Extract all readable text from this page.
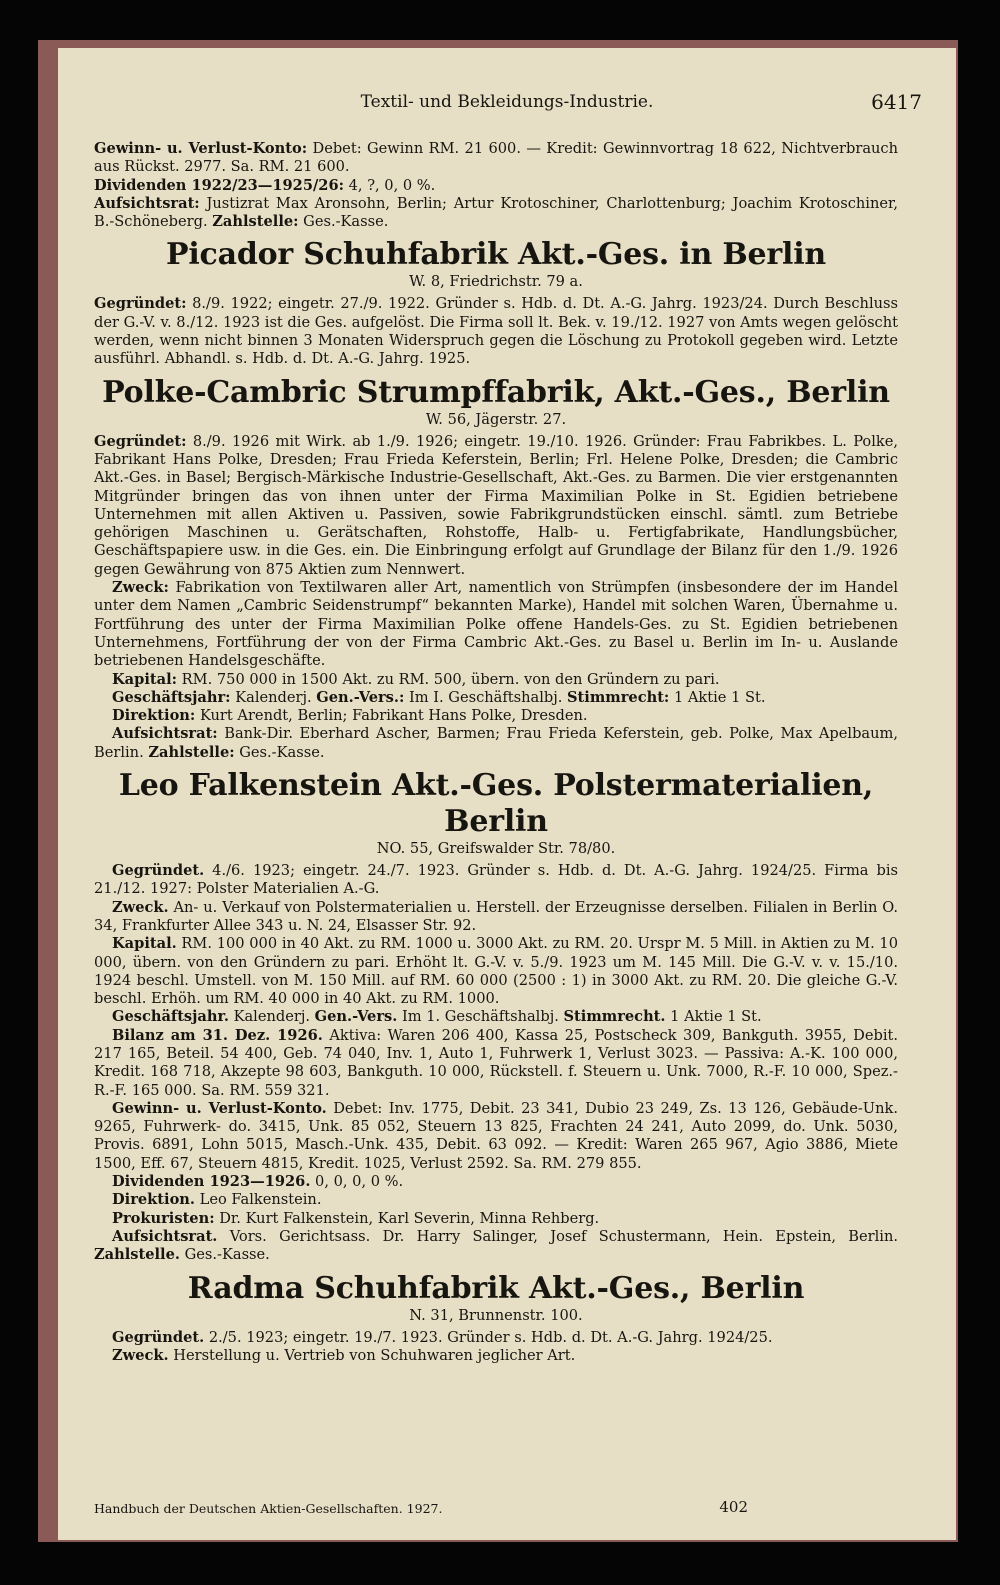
Textil- und Bekleidungs-Industrie.	6417

Gewinn- u. Verlust-Konto: Debet: Gewinn RM. 21 600. — Kredit: Gewinnvortrag 18 622, Nichtverbrauch aus Rückst. 2977. Sa. RM. 21 600.

Dividenden 1922/23—1925/26: 4, ?, 0, 0 %.

Aufsichtsrat: Justizrat Max Aronsohn, Berlin; Artur Krotoschiner, Charlottenburg; Joachim Krotoschiner, B.-Schöneberg. Zahlstelle: Ges.-Kasse.

Picador Schuhfabrik Akt.-Ges. in Berlin
W. 8, Friedrichstr. 79 a.

Gegründet: 8./9. 1922; eingetr. 27./9. 1922. Gründer s. Hdb. d. Dt. A.-G. Jahrg. 1923/24. Durch Beschluss der G.-V. v. 8./12. 1923 ist die Ges. aufgelöst. Die Firma soll lt. Bek. v. 19./12. 1927 von Amts wegen gelöscht werden, wenn nicht binnen 3 Monaten Widerspruch gegen die Löschung zu Protokoll gegeben wird. Letzte ausführl. Abhandl. s. Hdb. d. Dt. A.-G. Jahrg. 1925.

Polke-Cambric Strumpffabrik, Akt.-Ges., Berlin
W. 56, Jägerstr. 27.

Gegründet: 8./9. 1926 mit Wirk. ab 1./9. 1926; eingetr. 19./10. 1926. Gründer: Frau Fabrikbes. L. Polke, Fabrikant Hans Polke, Dresden; Frau Frieda Keferstein, Berlin; Frl. Helene Polke, Dresden; die Cambric Akt.-Ges. in Basel; Bergisch-Märkische Industrie-Gesellschaft, Akt.-Ges. zu Barmen. Die vier erstgenannten Mitgründer bringen das von ihnen unter der Firma Maximilian Polke in St. Egidien betriebene Unternehmen mit allen Aktiven u. Passiven, sowie Fabrikgrundstücken einschl. sämtl. zum Betriebe gehörigen Maschinen u. Gerätschaften, Rohstoffe, Halb- u. Fertigfabrikate, Handlungsbücher, Geschäftspapiere usw. in die Ges. ein. Die Einbringung erfolgt auf Grundlage der Bilanz für den 1./9. 1926 gegen Gewährung von 875 Aktien zum Nennwert.

Zweck: Fabrikation von Textilwaren aller Art, namentlich von Strümpfen (insbesondere der im Handel unter dem Namen „Cambric Seidenstrumpf“ bekannten Marke), Handel mit solchen Waren, Übernahme u. Fortführung des unter der Firma Maximilian Polke offene Handels-Ges. zu St. Egidien betriebenen Unternehmens, Fortführung der von der Firma Cambric Akt.-Ges. zu Basel u. Berlin im In- u. Auslande betriebenen Handelsgeschäfte.

Kapital: RM. 750 000 in 1500 Akt. zu RM. 500, übern. von den Gründern zu pari.

Geschäftsjahr: Kalenderj. Gen.-Vers.: Im I. Geschäftshalbj. Stimmrecht: 1 Aktie 1 St.

Direktion: Kurt Arendt, Berlin; Fabrikant Hans Polke, Dresden.

Aufsichtsrat: Bank-Dir. Eberhard Ascher, Barmen; Frau Frieda Keferstein, geb. Polke, Max Apelbaum, Berlin. Zahlstelle: Ges.-Kasse.

Leo Falkenstein Akt.-Ges. Polstermaterialien, Berlin
NO. 55, Greifswalder Str. 78/80.

Gegründet. 4./6. 1923; eingetr. 24./7. 1923. Gründer s. Hdb. d. Dt. A.-G. Jahrg. 1924/25. Firma bis 21./12. 1927: Polster Materialien A.-G.

Zweck. An- u. Verkauf von Polstermaterialien u. Herstell. der Erzeugnisse derselben. Filialen in Berlin O. 34, Frankfurter Allee 343 u. N. 24, Elsasser Str. 92.

Kapital. RM. 100 000 in 40 Akt. zu RM. 1000 u. 3000 Akt. zu RM. 20. Urspr M. 5 Mill. in Aktien zu M. 10 000, übern. von den Gründern zu pari. Erhöht lt. G.-V. v. 5./9. 1923 um M. 145 Mill. Die G.-V. v. v. 15./10. 1924 beschl. Umstell. von M. 150 Mill. auf RM. 60 000 (2500 : 1) in 3000 Akt. zu RM. 20. Die gleiche G.-V. beschl. Erhöh. um RM. 40 000 in 40 Akt. zu RM. 1000.

Geschäftsjahr. Kalenderj. Gen.-Vers. Im 1. Geschäftshalbj. Stimmrecht. 1 Aktie 1 St.

Bilanz am 31. Dez. 1926. Aktiva: Waren 206 400, Kassa 25, Postscheck 309, Bankguth. 3955, Debit. 217 165, Beteil. 54 400, Geb. 74 040, Inv. 1, Auto 1, Fuhrwerk 1, Verlust 3023. — Passiva: A.-K. 100 000, Kredit. 168 718, Akzepte 98 603, Bankguth. 10 000, Rückstell. f. Steuern u. Unk. 7000, R.-F. 10 000, Spez.-R.-F. 165 000. Sa. RM. 559 321.

Gewinn- u. Verlust-Konto. Debet: Inv. 1775, Debit. 23 341, Dubio 23 249, Zs. 13 126, Gebäude-Unk. 9265, Fuhrwerk- do. 3415, Unk. 85 052, Steuern 13 825, Frachten 24 241, Auto 2099, do. Unk. 5030, Provis. 6891, Lohn 5015, Masch.-Unk. 435, Debit. 63 092. — Kredit: Waren 265 967, Agio 3886, Miete 1500, Eff. 67, Steuern 4815, Kredit. 1025, Verlust 2592. Sa. RM. 279 855.

Dividenden 1923—1926. 0, 0, 0, 0 %.

Direktion. Leo Falkenstein.

Prokuristen: Dr. Kurt Falkenstein, Karl Severin, Minna Rehberg.

Aufsichtsrat. Vors. Gerichtsass. Dr. Harry Salinger, Josef Schustermann, Hein. Epstein, Berlin. Zahlstelle. Ges.-Kasse.

Radma Schuhfabrik Akt.-Ges., Berlin
N. 31, Brunnenstr. 100.

Gegründet. 2./5. 1923; eingetr. 19./7. 1923. Gründer s. Hdb. d. Dt. A.-G. Jahrg. 1924/25.

Zweck. Herstellung u. Vertrieb von Schuhwaren jeglicher Art.

Handbuch der Deutschen Aktien-Gesellschaften. 1927.	402
